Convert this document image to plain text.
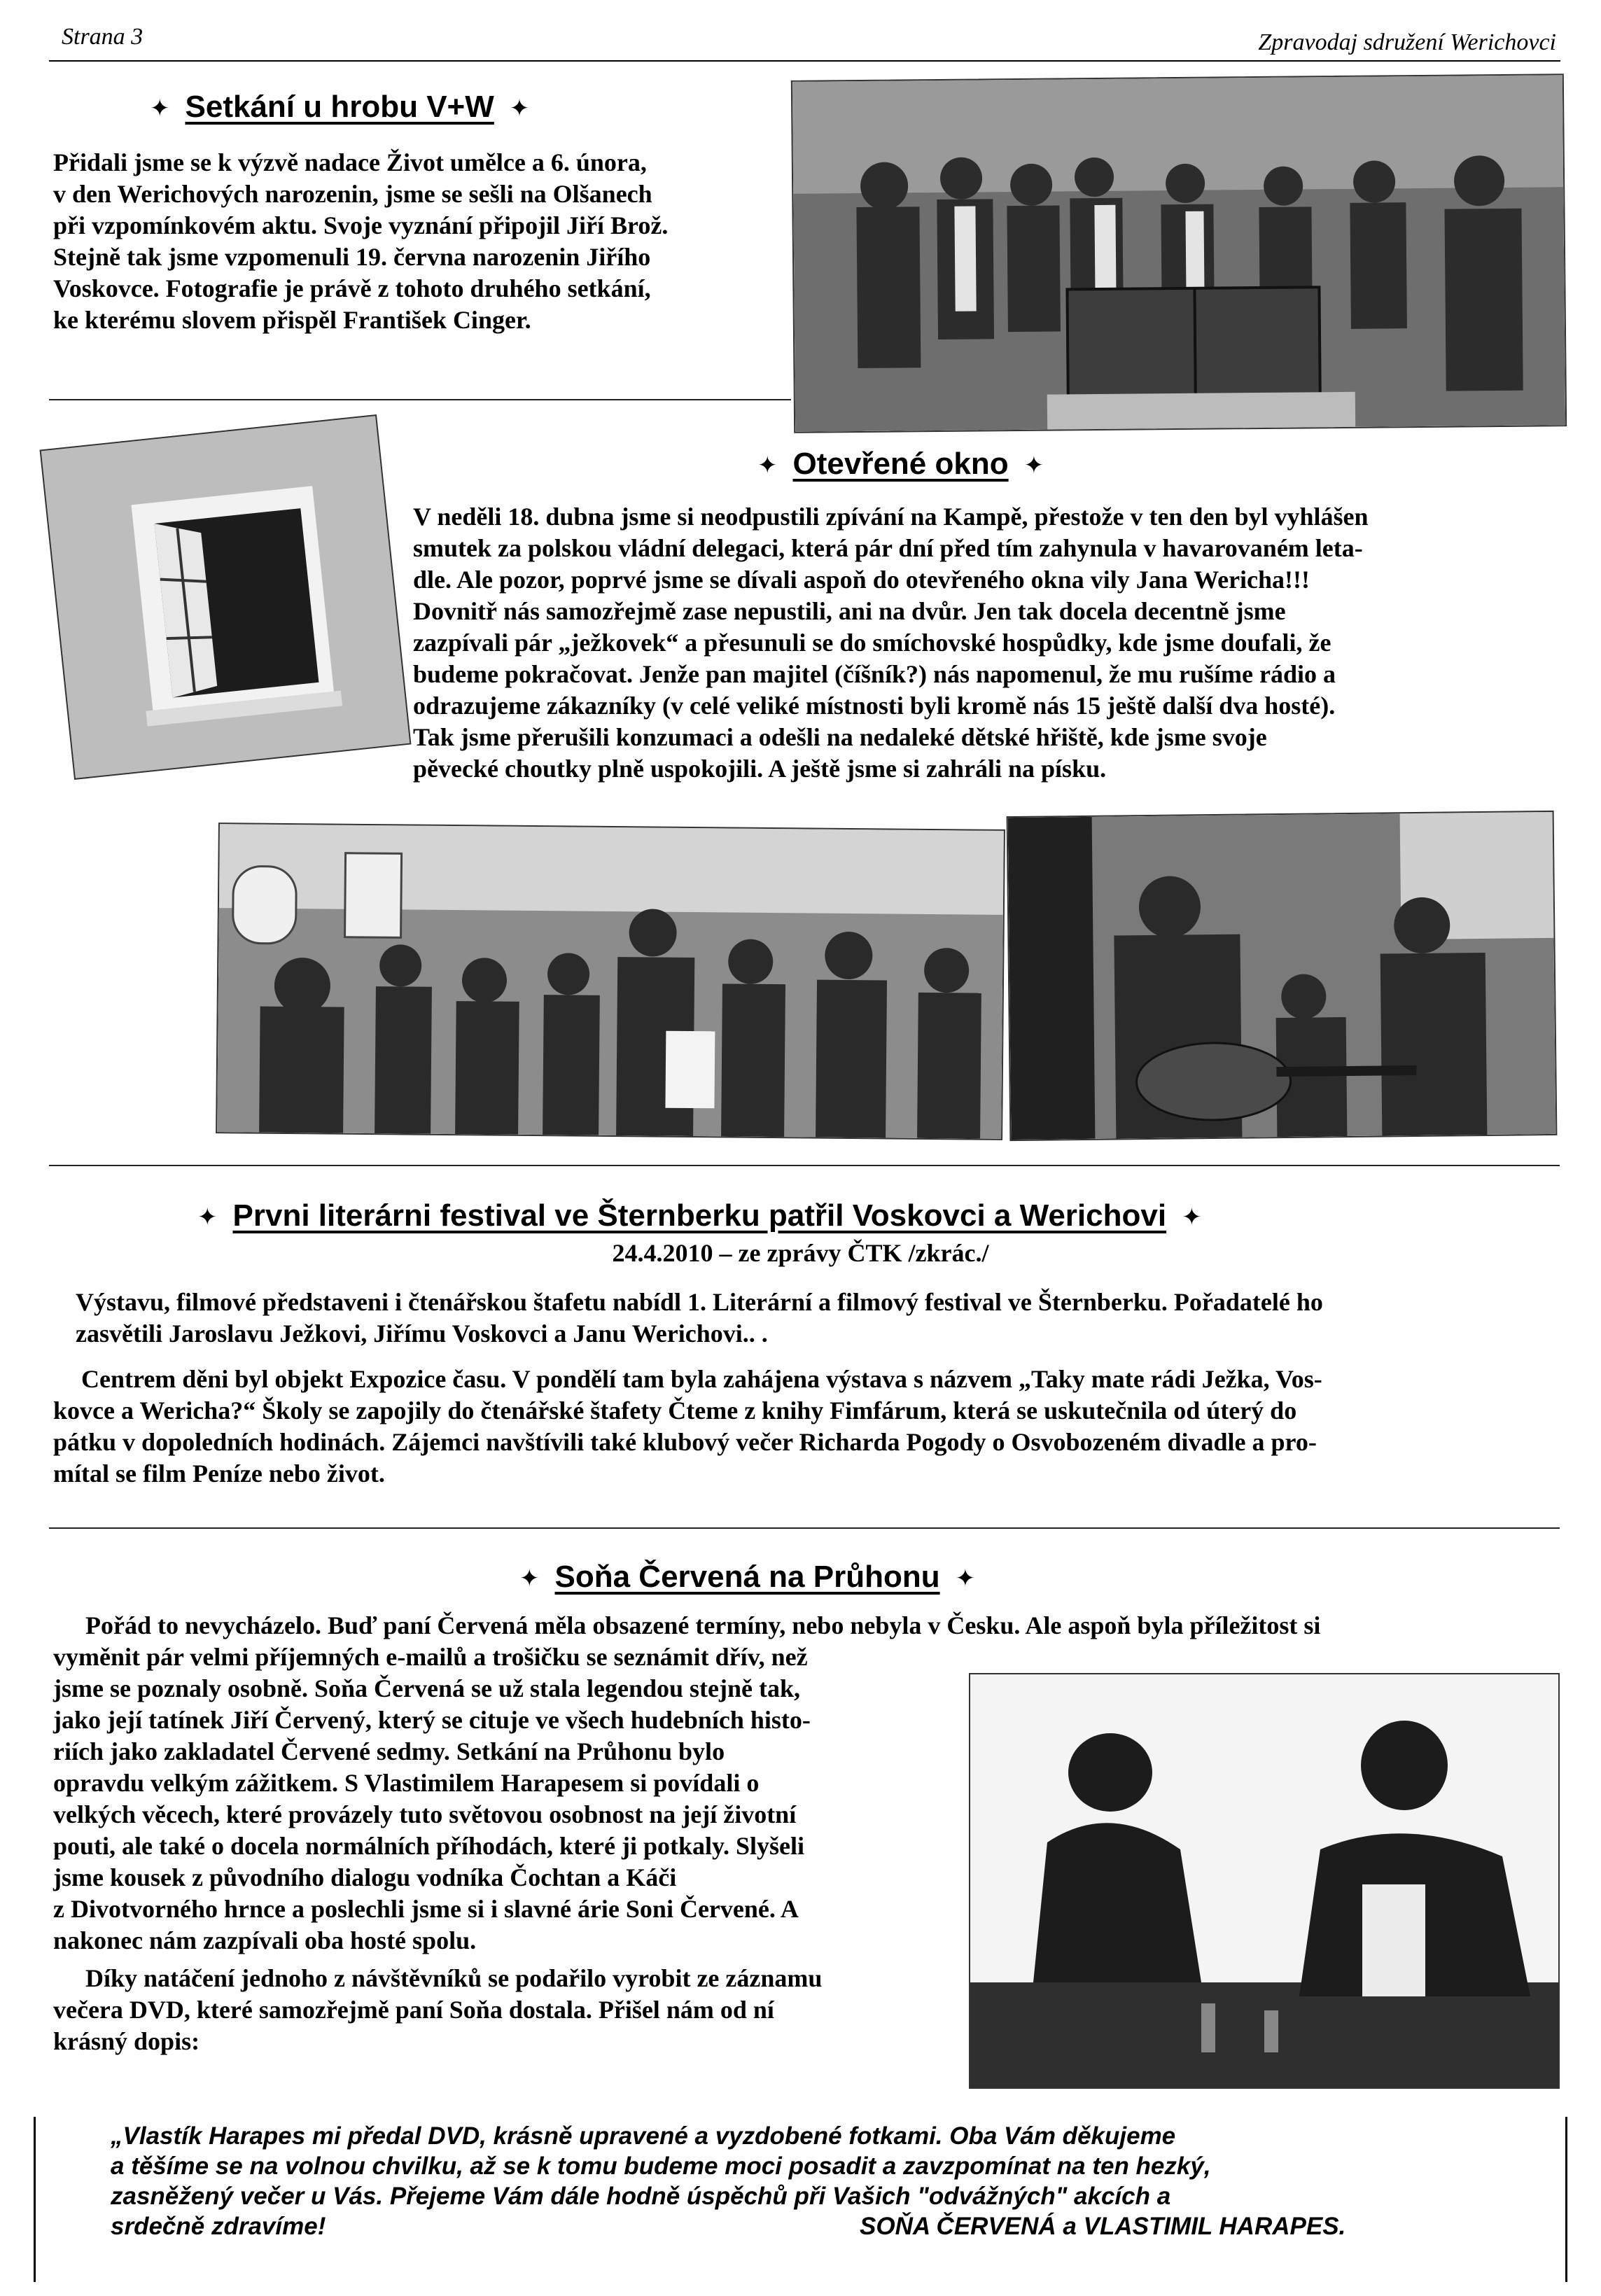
Strana 3	Zpravodaj sdružení Werichovci
✦ Setkání u hrobu V+W ✦

Přidali jsme se k výzvě nadace Život umělce a 6. února,

v den Werichových narozenin, jsme se sešli na Olšanech

při vzpomínkovém aktu. Svoje vyznání připojil Jiří Brož.

Stejně tak jsme vzpomenuli 19. června narozenin Jiřího

Voskovce. Fotografie je právě z tohoto druhého setkání,

ke kterému slovem přispěl František Cinger.

✦ Otevřené okno ✦

V neděli 18. dubna jsme si neodpustili zpívání na Kampě, přestože v ten den byl vyhlášen

smutek za polskou vládní delegaci, která pár dní před tím zahynula v havarovaném leta-

dle. Ale pozor, poprvé jsme se dívali aspoň do otevřeného okna vily Jana Wericha!!!

Dovnitř nás samozřejmě zase nepustili, ani na dvůr. Jen tak docela decentně jsme

zazpívali pár „ježkovek“ a přesunuli se do smíchovské hospůdky, kde jsme doufali, že

budeme pokračovat. Jenže pan majitel (číšník?) nás napomenul, že mu rušíme rádio a

odrazujeme zákazníky (v celé veliké místnosti byli kromě nás 15 ještě další dva hosté).

Tak jsme přerušili konzumaci a odešli na nedaleké dětské hřiště, kde jsme svoje

pěvecké choutky plně uspokojili. A ještě jsme si zahráli na písku.

✦ Prvni literárni festival ve Šternberku patřil Voskovci a Werichovi ✦
24.4.2010 – ze zprávy ČTK /zkrác./

Výstavu, filmové představeni i čtenářskou štafetu nabídl 1. Literární a filmový festival ve Šternberku. Pořadatelé ho

zasvětili Jaroslavu Ježkovi, Jiřímu Voskovci a Janu Werichovi.. .

Centrem děni byl objekt Expozice času. V pondělí tam byla zahájena výstava s názvem „Taky mate rádi Ježka, Vos-

kovce a Wericha?“ Školy se zapojily do čtenářské štafety Čteme z knihy Fimfárum, která se uskutečnila od úterý do

pátku v dopoledních hodinách. Zájemci navštívili také klubový večer Richarda Pogody o Osvobozeném divadle a pro-

mítal se film Peníze nebo život.

✦ Soňa Červená na Průhonu ✦

Pořád to nevycházelo. Buď paní Červená měla obsazené termíny, nebo nebyla v Česku. Ale aspoň byla příležitost si

vyměnit pár velmi příjemných e-mailů a trošičku se seznámit dřív, než

jsme se poznaly osobně. Soňa Červená se už stala legendou stejně tak,

jako její tatínek Jiří Červený, který se cituje ve všech hudebních histo-

riích jako zakladatel Červené sedmy. Setkání na Průhonu bylo

opravdu velkým zážitkem. S Vlastimilem Harapesem si povídali o

velkých věcech, které provázely tuto světovou osobnost na její životní

pouti, ale také o docela normálních příhodách, které ji potkaly. Slyšeli

jsme kousek z původního dialogu vodníka Čochtan a Káči

z Divotvorného hrnce a poslechli jsme si i slavné árie Soni Červené. A

nakonec nám zazpívali oba hosté spolu.

Díky natáčení jednoho z návštěvníků se podařilo vyrobit ze záznamu

večera DVD, které samozřejmě paní Soňa dostala. Přišel nám od ní

krásný dopis:

„Vlastík Harapes mi předal DVD, krásně upravené a vyzdobené fotkami. Oba Vám děkujeme
a těšíme se na volnou chvilku, až se k tomu budeme moci posadit a zavzpomínat na ten hezký,
zasněžený večer u Vás. Přejeme Vám dále hodně úspěchů při Vašich "odvážných" akcích a
srdečně zdravíme!	SOŇA ČERVENÁ a VLASTIMIL HARAPES.
